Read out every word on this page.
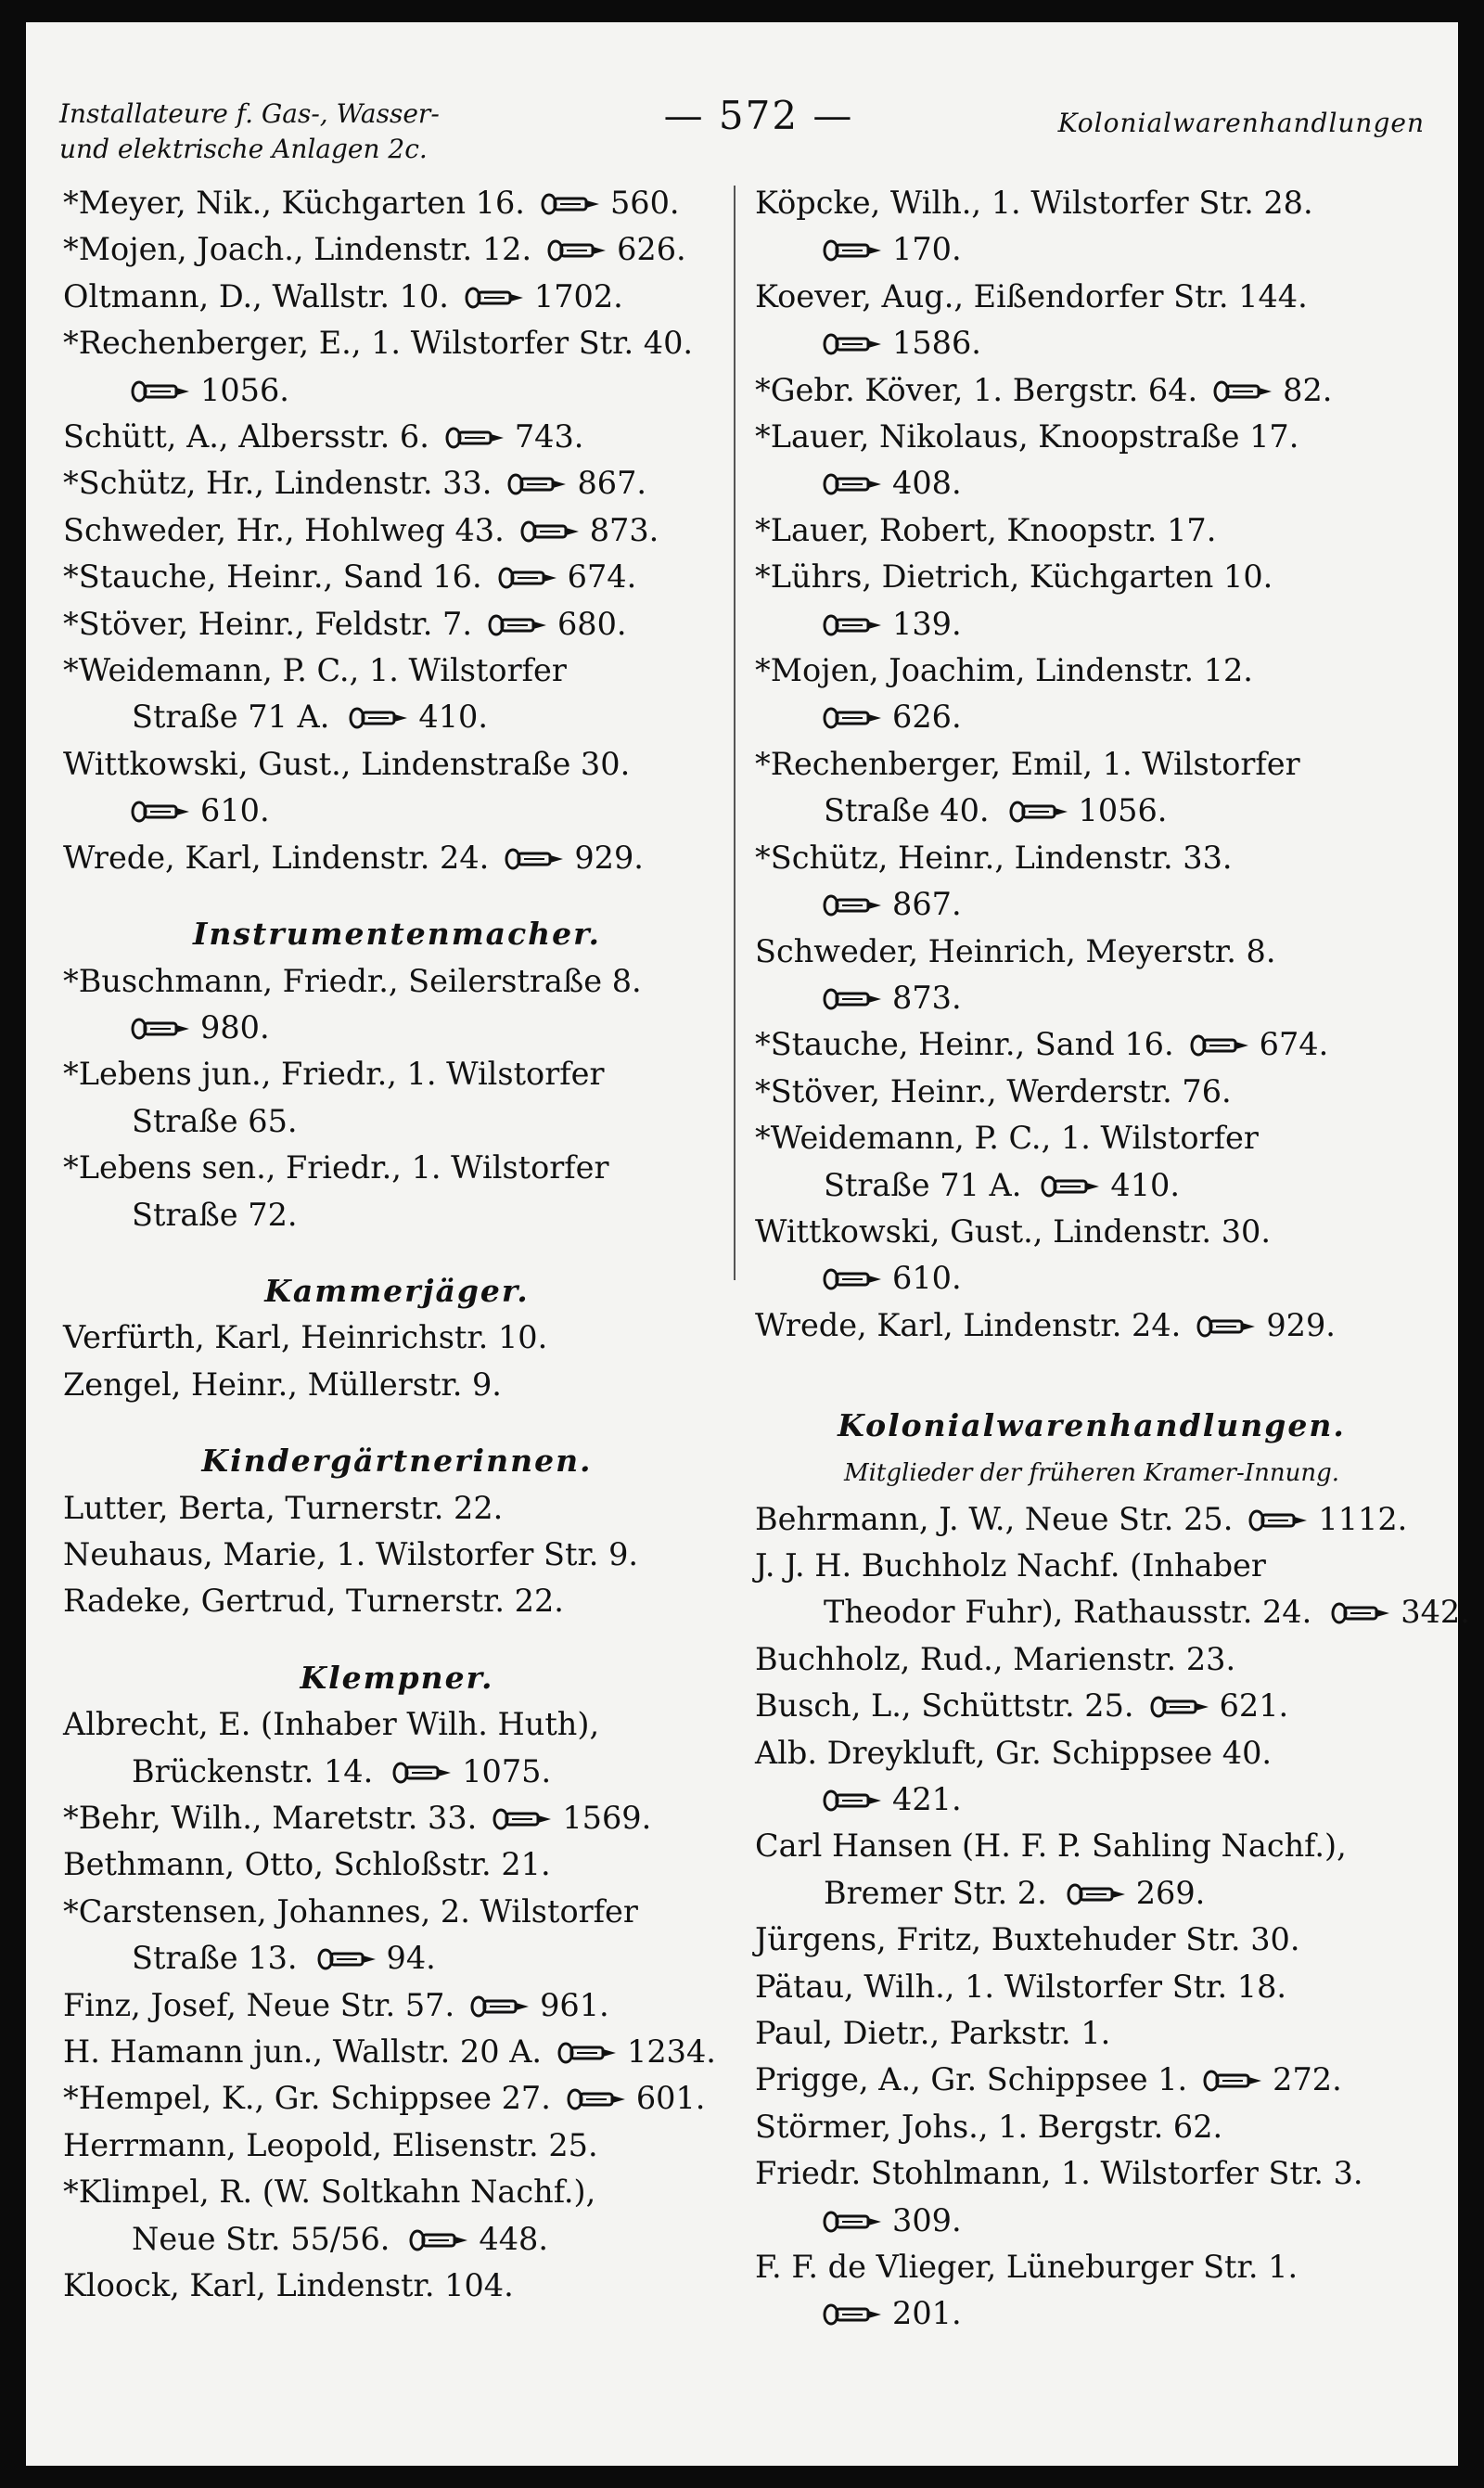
Installateure f. Gas-, Wasser-
und elektrische Anlagen 2c.
— 572 —	Kolonialwarenhandlungen
*Meyer, Nik., Küchgarten 16.	560.
*Mojen, Joach., Lindenstr. 12.	626.
Oltmann, D., Wallstr. 10.	1702.
*Rechenberger, E., 1. Wilstorfer Str. 40.
1056.
Schütt, A., Albersstr. 6.	743.
*Schütz, Hr., Lindenstr. 33.	867.
Schweder, Hr., Hohlweg 43.	873.
*Stauche, Heinr., Sand 16.	674.
*Stöver, Heinr., Feldstr. 7.	680.
*Weidemann, P. C., 1. Wilstorfer
Straße 71 A.	410.
Wittkowski, Gust., Lindenstraße 30.
610.
Wrede, Karl, Lindenstr. 24.	929.
Instrumentenmacher.
*Buschmann, Friedr., Seilerstraße 8.
980.
*Lebens jun., Friedr., 1. Wilstorfer
Straße 65.
*Lebens sen., Friedr., 1. Wilstorfer
Straße 72.
Kammerjäger.
Verfürth, Karl, Heinrichstr. 10.
Zengel, Heinr., Müllerstr. 9.
Kindergärtnerinnen.
Lutter, Berta, Turnerstr. 22.
Neuhaus, Marie, 1. Wilstorfer Str. 9.
Radeke, Gertrud, Turnerstr. 22.
Klempner.
Albrecht, E. (Inhaber Wilh. Huth),
Brückenstr. 14.	1075.
*Behr, Wilh., Maretstr. 33.	1569.
Bethmann, Otto, Schloßstr. 21.
*Carstensen, Johannes, 2. Wilstorfer
Straße 13.	94.
Finz, Josef, Neue Str. 57.	961.
H. Hamann jun., Wallstr. 20 A.	1234.
*Hempel, K., Gr. Schippsee 27.	601.
Herrmann, Leopold, Elisenstr. 25.
*Klimpel, R. (W. Soltkahn Nachf.),
Neue Str. 55/56.	448.
Kloock, Karl, Lindenstr. 104.
Köpcke, Wilh., 1. Wilstorfer Str. 28.
170.
Koever, Aug., Eißendorfer Str. 144.
1586.
*Gebr. Köver, 1. Bergstr. 64.	82.
*Lauer, Nikolaus, Knoopstraße 17.
408.
*Lauer, Robert, Knoopstr. 17.
*Lührs, Dietrich, Küchgarten 10.
139.
*Mojen, Joachim, Lindenstr. 12.
626.
*Rechenberger, Emil, 1. Wilstorfer
Straße 40.	1056.
*Schütz, Heinr., Lindenstr. 33.
867.
Schweder, Heinrich, Meyerstr. 8.
873.
*Stauche, Heinr., Sand 16.	674.
*Stöver, Heinr., Werderstr. 76.
*Weidemann, P. C., 1. Wilstorfer
Straße 71 A.	410.
Wittkowski, Gust., Lindenstr. 30.
610.
Wrede, Karl, Lindenstr. 24.	929.
Kolonialwarenhandlungen.
Mitglieder der früheren Kramer-Innung.
Behrmann, J. W., Neue Str. 25.	1112.
J. J. H. Buchholz Nachf. (Inhaber
Theodor Fuhr), Rathausstr. 24.	342.
Buchholz, Rud., Marienstr. 23.
Busch, L., Schüttstr. 25.	621.
Alb. Dreykluft, Gr. Schippsee 40.
421.
Carl Hansen (H. F. P. Sahling Nachf.),
Bremer Str. 2.	269.
Jürgens, Fritz, Buxtehuder Str. 30.
Pätau, Wilh., 1. Wilstorfer Str. 18.
Paul, Dietr., Parkstr. 1.
Prigge, A., Gr. Schippsee 1.	272.
Störmer, Johs., 1. Bergstr. 62.
Friedr. Stohlmann, 1. Wilstorfer Str. 3.
309.
F. F. de Vlieger, Lüneburger Str. 1.
201.
